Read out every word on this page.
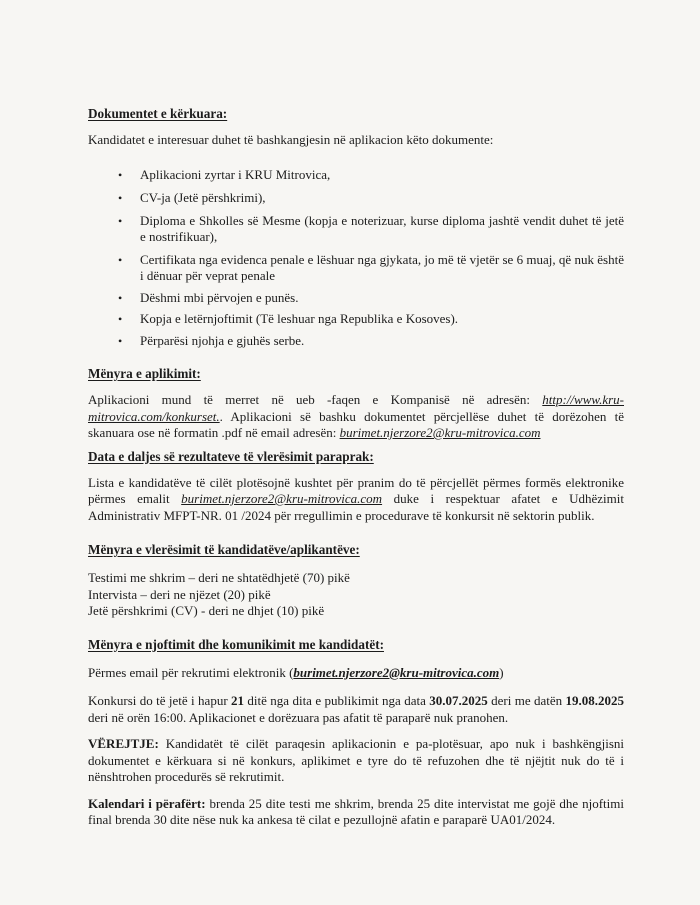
Dokumentet e kërkuara:

Kandidatet e interesuar duhet të bashkangjesin në aplikacion këto dokumente:

• Aplikacioni zyrtar i KRU Mitrovica,
• CV-ja (Jetë përshkrimi),
• Diploma e Shkolles së Mesme (kopja e noterizuar, kurse diploma jashtë vendit duhet të jetë e nostrifikuar),
• Certifikata nga evidenca penale e lëshuar nga gjykata, jo më të vjetër se 6 muaj, që nuk është i dënuar për veprat penale
• Dëshmi mbi përvojen e punës.
• Kopja e letërnjoftimit (Të leshuar nga Republika e Kosoves).
• Përparësi njohja e gjuhës serbe.
Mënyra e aplikimit:

Aplikacioni mund të merret në ueb -faqen e Kompanisë në adresën: http://www.kru-mitrovica.com/konkurset.. Aplikacioni së bashku dokumentet përcjellëse duhet të dorëzohen të skanuara ose në formatin .pdf në email adresën: burimet.njerzore2@kru-mitrovica.com

Data e daljes së rezultateve të vlerësimit paraprak:

Lista e kandidatëve të cilët plotësojnë kushtet për pranim do të përcjellët përmes formës elektronike përmes emalit burimet.njerzore2@kru-mitrovica.com duke i respektuar afatet e Udhëzimit Administrativ MFPT-NR. 01 /2024 për rregullimin e procedurave të konkursit në sektorin publik.

Mënyra e vlerësimit të kandidatëve/aplikantëve:

Testimi me shkrim – deri ne shtatëdhjetë (70) pikë

Intervista – deri ne njëzet (20) pikë

Jetë përshkrimi (CV) - deri ne dhjet (10) pikë

Mënyra e njoftimit dhe komunikimit me kandidatët:

Përmes email për rekrutimi elektronik (burimet.njerzore2@kru-mitrovica.com)

Konkursi do të jetë i hapur 21 ditë nga dita e publikimit nga data 30.07.2025 deri me datën 19.08.2025 deri në orën 16:00. Aplikacionet e dorëzuara pas afatit të paraparë nuk pranohen.

VËREJTJE: Kandidatët të cilët paraqesin aplikacionin e pa-plotësuar, apo nuk i bashkëngjisni dokumentet e kërkuara si në konkurs, aplikimet e tyre do të refuzohen dhe të njëjtit nuk do të i nënshtrohen procedurës së rekrutimit.

Kalendari i përafërt: brenda 25 dite testi me shkrim, brenda 25 dite intervistat me gojë dhe njoftimi final brenda 30 dite nëse nuk ka ankesa të cilat e pezullojnë afatin e paraparë UA01/2024.
